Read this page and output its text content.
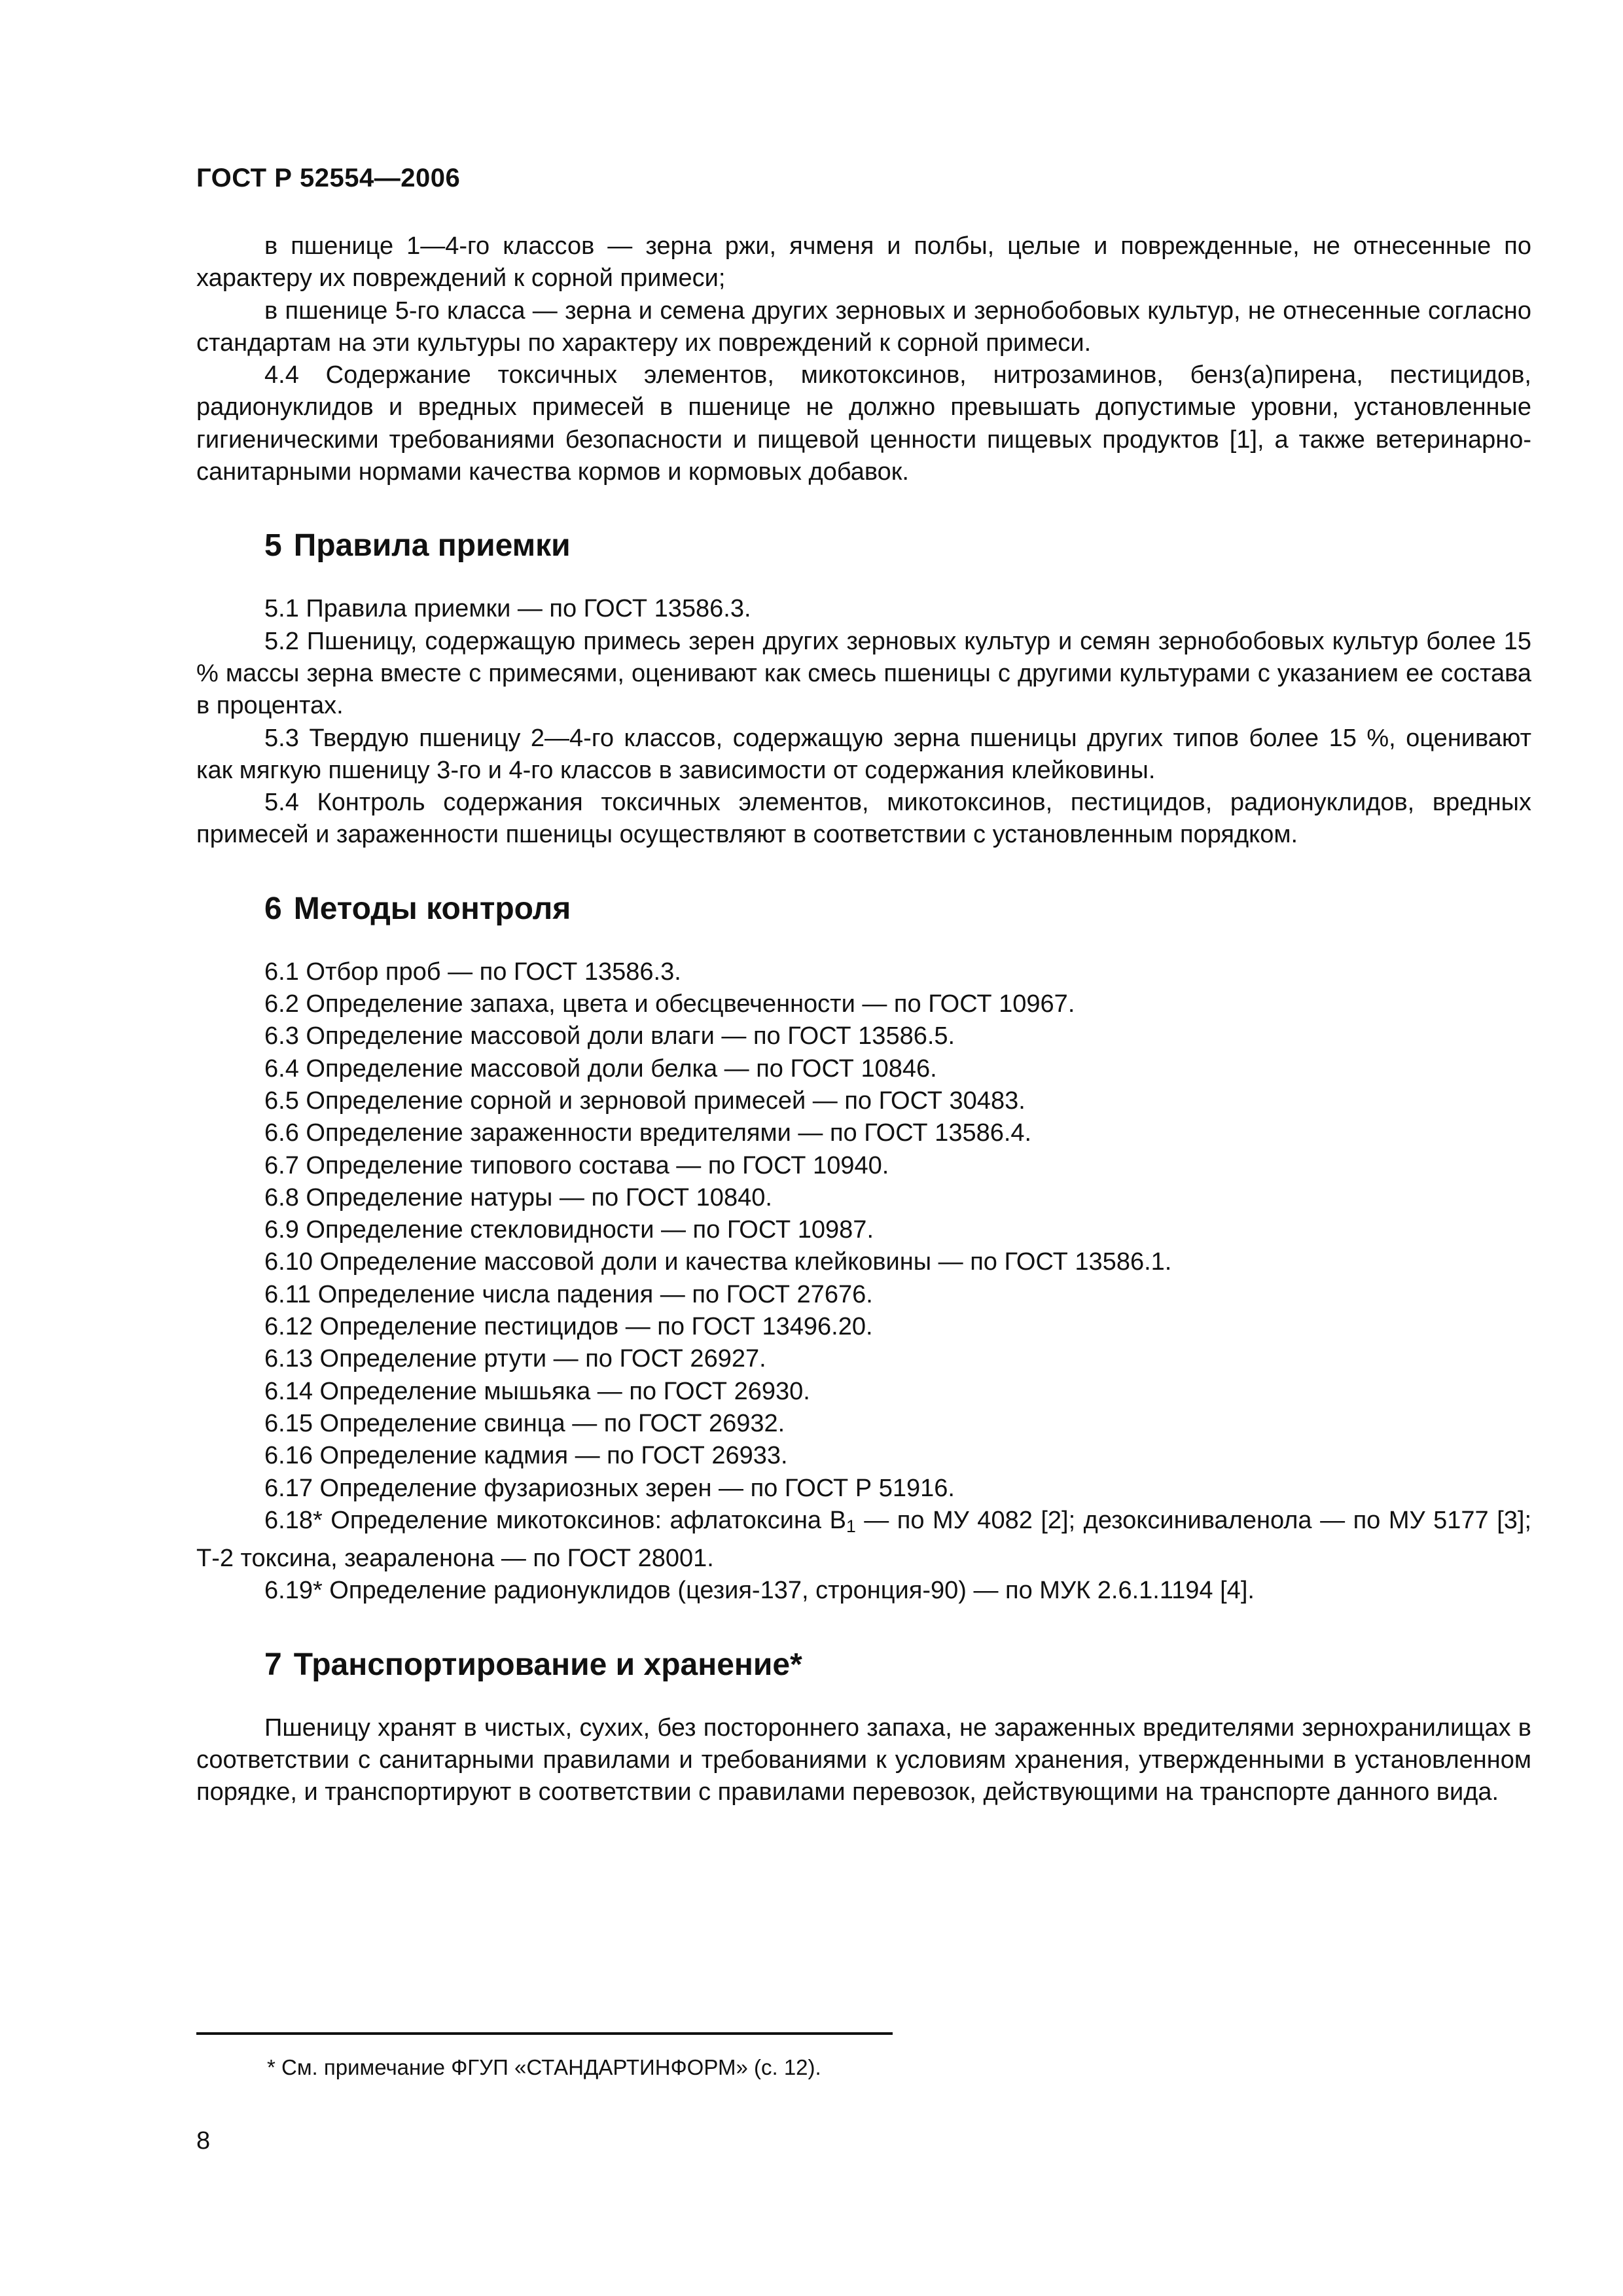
ГОСТ Р 52554—2006

в пшенице 1—4-го классов — зерна ржи, ячменя и полбы, целые и поврежденные, не отнесенные по характеру их повреждений к сорной примеси;

в пшенице 5-го класса — зерна и семена других зерновых и зернобобовых культур, не отнесенные согласно стандартам на эти культуры по характеру их повреждений к сорной примеси.

4.4 Содержание токсичных элементов, микотоксинов, нитрозаминов, бенз(а)пирена, пестицидов, радионуклидов и вредных примесей в пшенице не должно превышать допустимые уровни, установленные гигиеническими требованиями безопасности и пищевой ценности пищевых продуктов [1], а также ветеринарно-санитарными нормами качества кормов и кормовых добавок.

5 Правила приемки

5.1 Правила приемки — по ГОСТ 13586.3.

5.2 Пшеницу, содержащую примесь зерен других зерновых культур и семян зернобобовых культур более 15 % массы зерна вместе с примесями, оценивают как смесь пшеницы с другими культурами с указанием ее состава в процентах.

5.3 Твердую пшеницу 2—4-го классов, содержащую зерна пшеницы других типов более 15 %, оценивают как мягкую пшеницу 3-го и 4-го классов в зависимости от содержания клейковины.

5.4 Контроль содержания токсичных элементов, микотоксинов, пестицидов, радионуклидов, вредных примесей и зараженности пшеницы осуществляют в соответствии с установленным порядком.

6 Методы контроля

6.1 Отбор проб — по ГОСТ 13586.3.

6.2 Определение запаха, цвета и обесцвеченности — по ГОСТ 10967.

6.3 Определение массовой доли влаги — по ГОСТ 13586.5.

6.4 Определение массовой доли белка — по ГОСТ 10846.

6.5 Определение сорной и зерновой примесей — по ГОСТ 30483.

6.6 Определение зараженности вредителями — по ГОСТ 13586.4.

6.7 Определение типового состава — по ГОСТ 10940.

6.8 Определение натуры — по ГОСТ 10840.

6.9 Определение стекловидности — по ГОСТ 10987.

6.10 Определение массовой доли и качества клейковины — по ГОСТ 13586.1.

6.11 Определение числа падения — по ГОСТ 27676.

6.12 Определение пестицидов — по ГОСТ 13496.20.

6.13 Определение ртути — по ГОСТ 26927.

6.14 Определение мышьяка — по ГОСТ 26930.

6.15 Определение свинца — по ГОСТ 26932.

6.16 Определение кадмия — по ГОСТ 26933.

6.17 Определение фузариозных зерен — по ГОСТ Р 51916.

6.18* Определение микотоксинов: афлатоксина $В_1$ — по МУ 4082 [2]; дезоксиниваленола — по МУ 5177 [3]; Т-2 токсина, зеараленона — по ГОСТ 28001.

6.19* Определение радионуклидов (цезия-137, стронция-90) — по МУК 2.6.1.1194 [4].

7 Транспортирование и хранение*

Пшеницу хранят в чистых, сухих, без постороннего запаха, не зараженных вредителями зернохранилищах в соответствии с санитарными правилами и требованиями к условиям хранения, утвержденными в установленном порядке, и транспортируют в соответствии с правилами перевозок, действующими на транспорте данного вида.

* См. примечание ФГУП «СТАНДАРТИНФОРМ» (с. 12).
8
